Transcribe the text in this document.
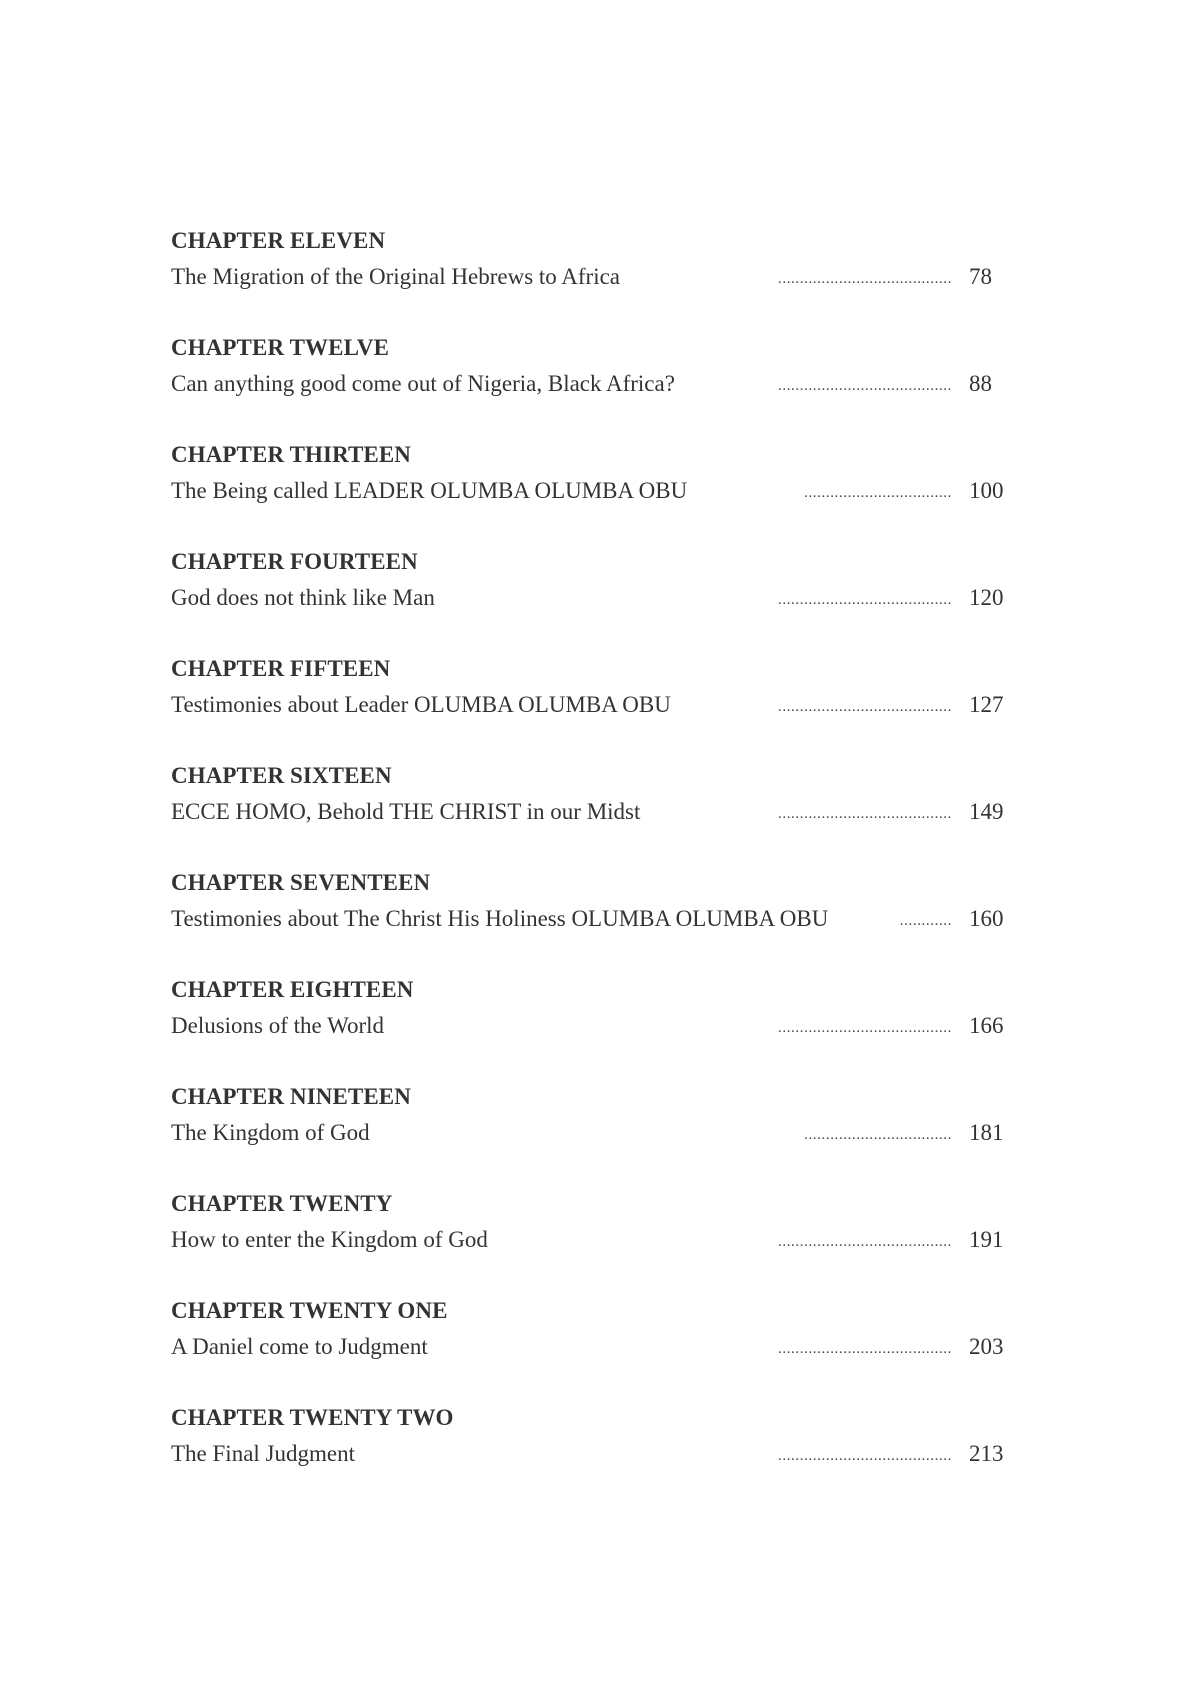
CHAPTER ELEVEN
The Migration of the Original Hebrews to Africa	........................................ 78
CHAPTER TWELVE
Can anything good come out of Nigeria, Black Africa?	........................................ 88
CHAPTER THIRTEEN
The Being called LEADER OLUMBA OLUMBA OBU	.................................. 100
CHAPTER FOURTEEN
God does not think like Man	........................................ 120
CHAPTER FIFTEEN
Testimonies about Leader OLUMBA OLUMBA OBU	........................................ 127
CHAPTER SIXTEEN
ECCE HOMO, Behold THE CHRIST in our Midst	........................................ 149
CHAPTER SEVENTEEN
Testimonies about The Christ His Holiness OLUMBA OLUMBA OBU	............ 160
CHAPTER EIGHTEEN
Delusions of the World	........................................ 166
CHAPTER NINETEEN
The Kingdom of God	.................................. 181
CHAPTER TWENTY
How to enter the Kingdom of God	........................................ 191
CHAPTER TWENTY ONE
A Daniel come to Judgment	........................................ 203
CHAPTER TWENTY TWO
The Final Judgment	........................................ 213
